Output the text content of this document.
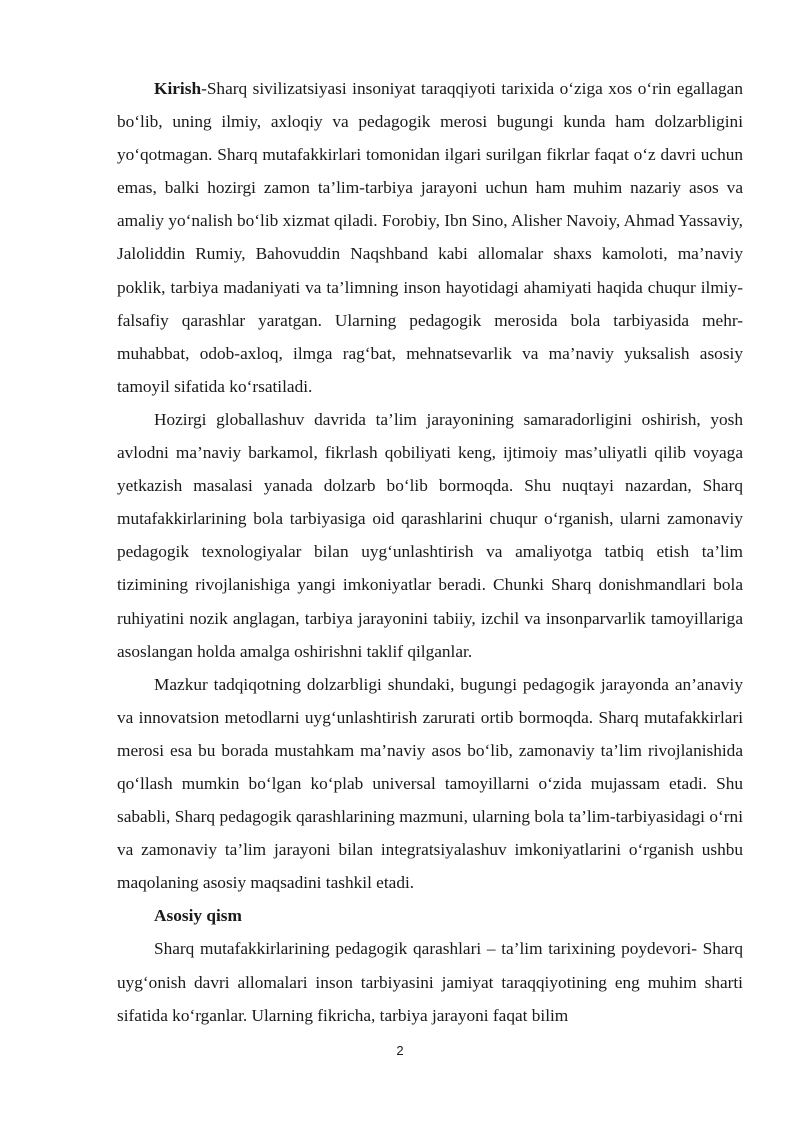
Kirish-Sharq sivilizatsiyasi insoniyat taraqqiyoti tarixida o‘ziga xos o‘rin egallagan bo‘lib, uning ilmiy, axloqiy va pedagogik merosi bugungi kunda ham dolzarbligini yo‘qotmagan. Sharq mutafakkirlari tomonidan ilgari surilgan fikrlar faqat o‘z davri uchun emas, balki hozirgi zamon ta’lim-tarbiya jarayoni uchun ham muhim nazariy asos va amaliy yo‘nalish bo‘lib xizmat qiladi. Forobiy, Ibn Sino, Alisher Navoiy, Ahmad Yassaviy, Jaloliddin Rumiy, Bahovuddin Naqshband kabi allomalar shaxs kamoloti, ma’naviy poklik, tarbiya madaniyati va ta’limning inson hayotidagi ahamiyati haqida chuqur ilmiy-falsafiy qarashlar yaratgan. Ularning pedagogik merosida bola tarbiyasida mehr-muhabbat, odob-axloq, ilmga rag‘bat, mehnatsevarlik va ma’naviy yuksalish asosiy tamoyil sifatida ko‘rsatiladi.

Hozirgi globallashuv davrida ta’lim jarayonining samaradorligini oshirish, yosh avlodni ma’naviy barkamol, fikrlash qobiliyati keng, ijtimoiy mas’uliyatli qilib voyaga yetkazish masalasi yanada dolzarb bo‘lib bormoqda. Shu nuqtayi nazardan, Sharq mutafakkirlarining bola tarbiyasiga oid qarashlarini chuqur o‘rganish, ularni zamonaviy pedagogik texnologiyalar bilan uyg‘unlashtirish va amaliyotga tatbiq etish ta’lim tizimining rivojlanishiga yangi imkoniyatlar beradi. Chunki Sharq donishmandlari bola ruhiyatini nozik anglagan, tarbiya jarayonini tabiiy, izchil va insonparvarlik tamoyillariga asoslangan holda amalga oshirishni taklif qilganlar.

Mazkur tadqiqotning dolzarbligi shundaki, bugungi pedagogik jarayonda an’anaviy va innovatsion metodlarni uyg‘unlashtirish zarurati ortib bormoqda. Sharq mutafakkirlari merosi esa bu borada mustahkam ma’naviy asos bo‘lib, zamonaviy ta’lim rivojlanishida qo‘llash mumkin bo‘lgan ko‘plab universal tamoyillarni o‘zida mujassam etadi. Shu sababli, Sharq pedagogik qarashlarining mazmuni, ularning bola ta’lim-tarbiyasidagi o‘rni va zamonaviy ta’lim jarayoni bilan integratsiyalashuv imkoniyatlarini o‘rganish ushbu maqolaning asosiy maqsadini tashkil etadi.

Asosiy qism

Sharq mutafakkirlarining pedagogik qarashlari – ta’lim tarixining poydevori- Sharq uyg‘onish davri allomalari inson tarbiyasini jamiyat taraqqiyotining eng muhim sharti sifatida ko‘rganlar. Ularning fikricha, tarbiya jarayoni faqat bilim

2
